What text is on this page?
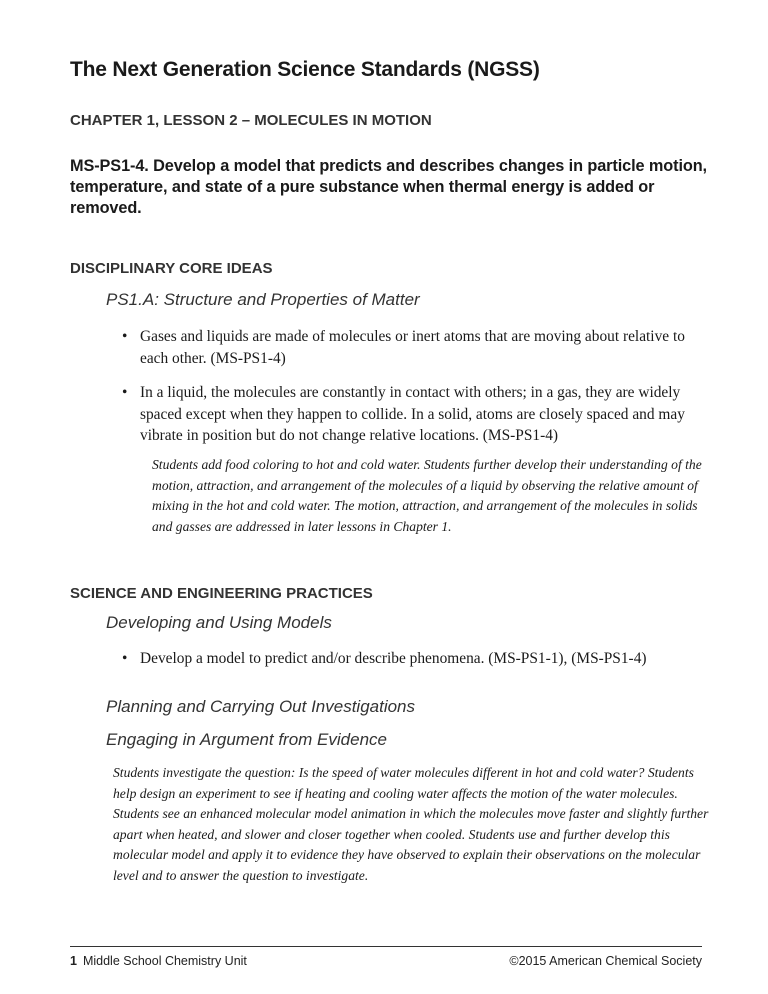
The Next Generation Science Standards (NGSS)

CHAPTER 1, LESSON 2 – MOLECULES IN MOTION

MS-PS1-4. Develop a model that predicts and describes changes in particle motion, temperature, and state of a pure substance when thermal energy is added or removed.

DISCIPLINARY CORE IDEAS

PS1.A: Structure and Properties of Matter

• Gases and liquids are made of molecules or inert atoms that are moving about relative to each other. (MS-PS1-4)
• In a liquid, the molecules are constantly in contact with others; in a gas, they are widely spaced except when they happen to collide. In a solid, atoms are closely spaced and may vibrate in position but do not change relative locations. (MS-PS1-4)

Students add food coloring to hot and cold water. Students further develop their understanding of the motion, attraction, and arrangement of the molecules of a liquid by observing the relative amount of mixing in the hot and cold water. The motion, attraction, and arrangement of the molecules in solids and gasses are addressed in later lessons in Chapter 1.

SCIENCE AND ENGINEERING PRACTICES

Developing and Using Models

• Develop a model to predict and/or describe phenomena. (MS-PS1-1), (MS-PS1-4)

Planning and Carrying Out Investigations

Engaging in Argument from Evidence

Students investigate the question: Is the speed of water molecules different in hot and cold water? Students help design an experiment to see if heating and cooling water affects the motion of the water molecules. Students see an enhanced molecular model animation in which the molecules move faster and slightly further apart when heated, and slower and closer together when cooled. Students use and further develop this molecular model and apply it to evidence they have observed to explain their observations on the molecular level and to answer the question to investigate.

1 Middle School Chemistry Unit	©2015 American Chemical Society
